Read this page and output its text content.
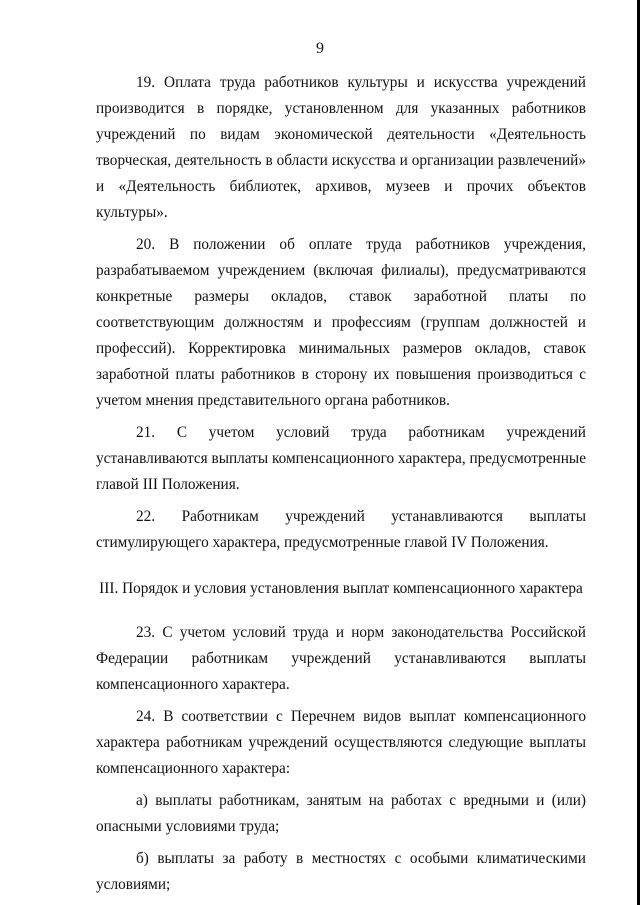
9

19. Оплата труда работников культуры и искусства учреждений производится в порядке, установленном для указанных работников учреждений по видам экономической деятельности «Деятельность творческая, деятельность в области искусства и организации развлечений» и «Деятельность библиотек, архивов, музеев и прочих объектов культуры».

20. В положении об оплате труда работников учреждения, разрабатываемом учреждением (включая филиалы), предусматриваются конкретные размеры окладов, ставок заработной платы по соответствующим должностям и профессиям (группам должностей и профессий). Корректировка минимальных размеров окладов, ставок заработной платы работников в сторону их повышения производиться с учетом мнения представительного органа работников.

21. С учетом условий труда работникам учреждений устанавливаются выплаты компенсационного характера, предусмотренные главой III Положения.

22. Работникам учреждений устанавливаются выплаты стимулирующего характера, предусмотренные главой IV Положения.

III. Порядок и условия установления выплат компенсационного характера

23. С учетом условий труда и норм законодательства Российской Федерации работникам учреждений устанавливаются выплаты компенсационного характера.

24. В соответствии с Перечнем видов выплат компенсационного характера работникам учреждений осуществляются следующие выплаты компенсационного характера:

а) выплаты работникам, занятым на работах с вредными и (или) опасными условиями труда;

б) выплаты за работу в местностях с особыми климатическими условиями;
